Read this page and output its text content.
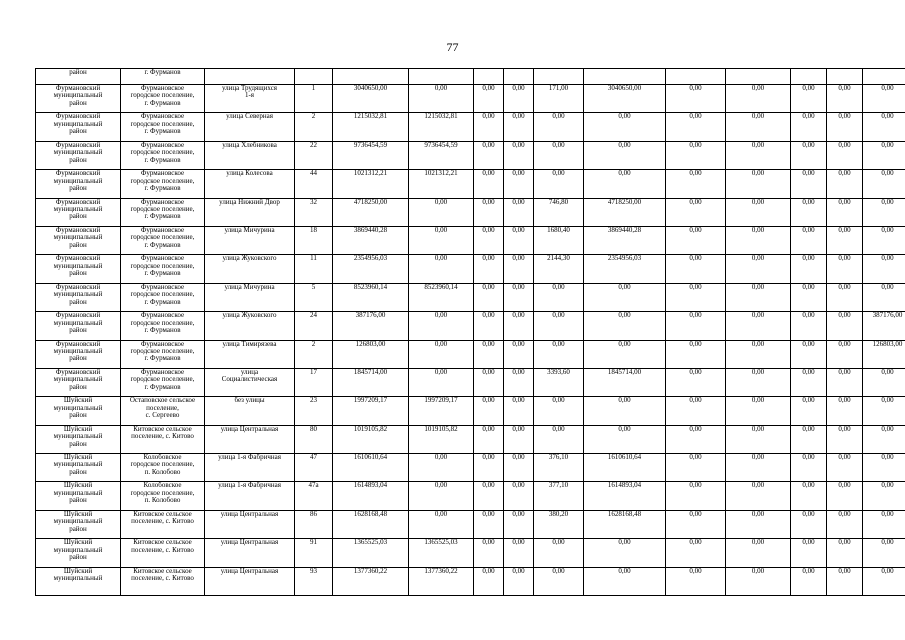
77
район	г. Фурманов														
Фурмановский
муниципальный
район	Фурмановское
городское поселение,
г. Фурманов	улица Трудящихся
1-я	1	3040650,00	0,00	0,00	0,00	171,00	3040650,00	0,00	0,00	0,00	0,00	0,00	
Фурмановский
муниципальный
район	Фурмановское
городское поселение,
г. Фурманов	улица Северная	2	1215032,81	1215032,81	0,00	0,00	0,00	0,00	0,00	0,00	0,00	0,00	0,00	
Фурмановский
муниципальный
район	Фурмановское
городское поселение,
г. Фурманов	улица Хлебникова	22	9736454,59	9736454,59	0,00	0,00	0,00	0,00	0,00	0,00	0,00	0,00	0,00	
Фурмановский
муниципальный
район	Фурмановское
городское поселение,
г. Фурманов	улица Колесова	44	1021312,21	1021312,21	0,00	0,00	0,00	0,00	0,00	0,00	0,00	0,00	0,00	
Фурмановский
муниципальный
район	Фурмановское
городское поселение,
г. Фурманов	улица Нижний Двор	32	4718250,00	0,00	0,00	0,00	746,80	4718250,00	0,00	0,00	0,00	0,00	0,00	
Фурмановский
муниципальный
район	Фурмановское
городское поселение,
г. Фурманов	улица Мичурина	18	3869440,28	0,00	0,00	0,00	1680,40	3869440,28	0,00	0,00	0,00	0,00	0,00	
Фурмановский
муниципальный
район	Фурмановское
городское поселение,
г. Фурманов	улица Жуковского	11	2354956,03	0,00	0,00	0,00	2144,30	2354956,03	0,00	0,00	0,00	0,00	0,00	
Фурмановский
муниципальный
район	Фурмановское
городское поселение,
г. Фурманов	улица Мичурина	5	8523960,14	8523960,14	0,00	0,00	0,00	0,00	0,00	0,00	0,00	0,00	0,00	
Фурмановский
муниципальный
район	Фурмановское
городское поселение,
г. Фурманов	улица Жуковского	24	387176,00	0,00	0,00	0,00	0,00	0,00	0,00	0,00	0,00	0,00	387176,00	
Фурмановский
муниципальный
район	Фурмановское
городское поселение,
г. Фурманов	улица Тимирязева	2	126803,00	0,00	0,00	0,00	0,00	0,00	0,00	0,00	0,00	0,00	126803,00	
Фурмановский
муниципальный
район	Фурмановское
городское поселение,
г. Фурманов	улица
Социалистическая	17	1845714,00	0,00	0,00	0,00	3393,60	1845714,00	0,00	0,00	0,00	0,00	0,00	
Шуйский
муниципальный
район	Остаповское сельское
поселение,
с. Сергеево	без улицы	23	1997209,17	1997209,17	0,00	0,00	0,00	0,00	0,00	0,00	0,00	0,00	0,00	
Шуйский
муниципальный
район	Китовское сельское
поселение, с. Китово	улица Центральная	80	1019105,82	1019105,82	0,00	0,00	0,00	0,00	0,00	0,00	0,00	0,00	0,00	
Шуйский
муниципальный
район	Колобовское
городское поселение,
п. Колобово	улица 1-я Фабричная	47	1610610,64	0,00	0,00	0,00	376,10	1610610,64	0,00	0,00	0,00	0,00	0,00	
Шуйский
муниципальный
район	Колобовское
городское поселение,
п. Колобово	улица 1-я Фабричная	47а	1614893,04	0,00	0,00	0,00	377,10	1614893,04	0,00	0,00	0,00	0,00	0,00	
Шуйский
муниципальный
район	Китовское сельское
поселение, с. Китово	улица Центральная	86	1628168,48	0,00	0,00	0,00	380,20	1628168,48	0,00	0,00	0,00	0,00	0,00	
Шуйский
муниципальный
район	Китовское сельское
поселение, с. Китово	улица Центральная	91	1365525,03	1365525,03	0,00	0,00	0,00	0,00	0,00	0,00	0,00	0,00	0,00	
Шуйский
муниципальный	Китовское сельское
поселение, с. Китово	улица Центральная	93	1377360,22	1377360,22	0,00	0,00	0,00	0,00	0,00	0,00	0,00	0,00	0,00	
